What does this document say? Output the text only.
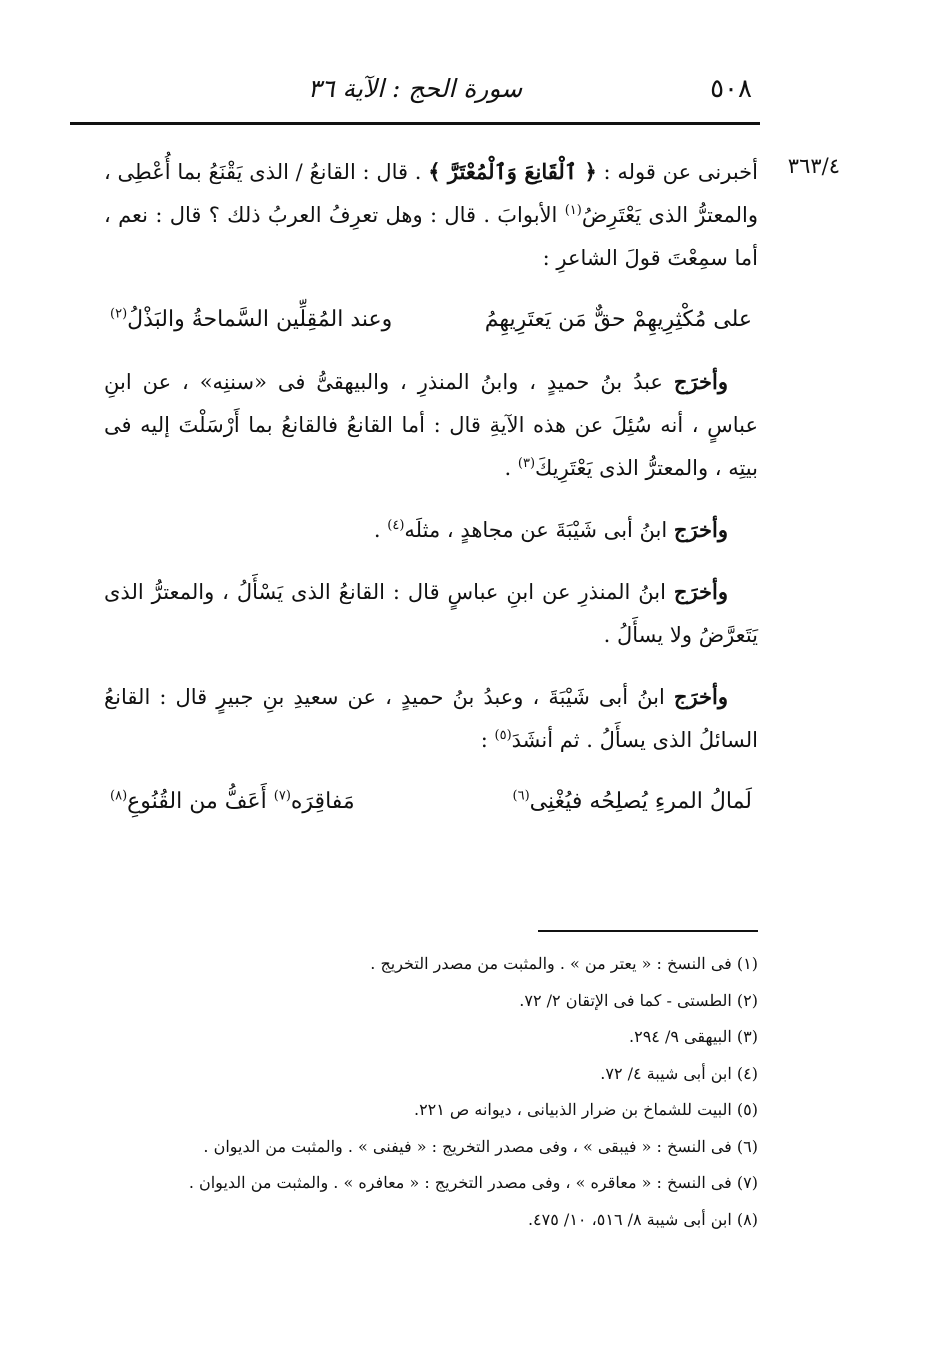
٥٠٨
سورة الحج : الآية ٣٦
٣٦٣/٤

أخبرنى عن قوله : ﴿ ٱلْقَانِعَ وَٱلْمُعْتَرَّ ﴾ . قال : القانعُ / الذى يَقْنَعُ بما أُعْطِى ، والمعترُّ الذى يَعْتَرِضُ$^{(١)}$ الأبوابَ . قال : وهل تعرِفُ العربُ ذلك ؟ قال : نعم ، أما سمِعْتَ قولَ الشاعرِ :

على مُكْثِرِيهِمْ حقٌّ مَن يَعتَرِيهِمُ
وعند المُقِلِّين السَّماحةُ والبَذْلُ$^{(٢)}$

وأخرَج عبدُ بنُ حميدٍ ، وابنُ المنذرِ ، والبيهقىُّ فى «سننِه» ، عن ابنِ عباسٍ ، أنه سُئِلَ عن هذه الآيةِ قال : أما القانعُ فالقانعُ بما أَرْسَلْتَ إليه فى بيتِه ، والمعترُّ الذى يَعْتَرِيكَ$^{(٣)}$ .

وأخرَج ابنُ أبى شَيْبَةَ عن مجاهدٍ ، مثلَه$^{(٤)}$ .

وأخرَج ابنُ المنذرِ عن ابنِ عباسٍ قال : القانعُ الذى يَسْأَلُ ، والمعترُّ الذى يَتَعرَّضُ ولا يسأَلُ .

وأخرَج ابنُ أبى شَيْبَةَ ، وعبدُ بنُ حميدٍ ، عن سعيدِ بنِ جبيرٍ قال : القانعُ السائلُ الذى يسأَلُ . ثم أنشَدَ$^{(٥)}$ :

لَمالُ المرءِ يُصلِحُه فيُغْنِى$^{(٦)}$
مَفاقِرَه$^{(٧)}$ أَعَفُّ من القُنُوعِ$^{(٨)}$
(١) فى النسخ : « يعتر من » . والمثبت من مصدر التخريج .
(٢) الطستى - كما فى الإتقان ٢/ ٧٢.
(٣) البيهقى ٩/ ٢٩٤.
(٤) ابن أبى شيبة ٤/ ٧٢.
(٥) البيت للشماخ بن ضرار الذبيانى ، ديوانه ص ٢٢١.
(٦) فى النسخ : « فيبقى » ، وفى مصدر التخريج : « فيفنى » . والمثبت من الديوان .
(٧) فى النسخ : « معاقره » ، وفى مصدر التخريج : « معافره » . والمثبت من الديوان .
(٨) ابن أبى شيبة ٨/ ٥١٦، ١٠/ ٤٧٥.
